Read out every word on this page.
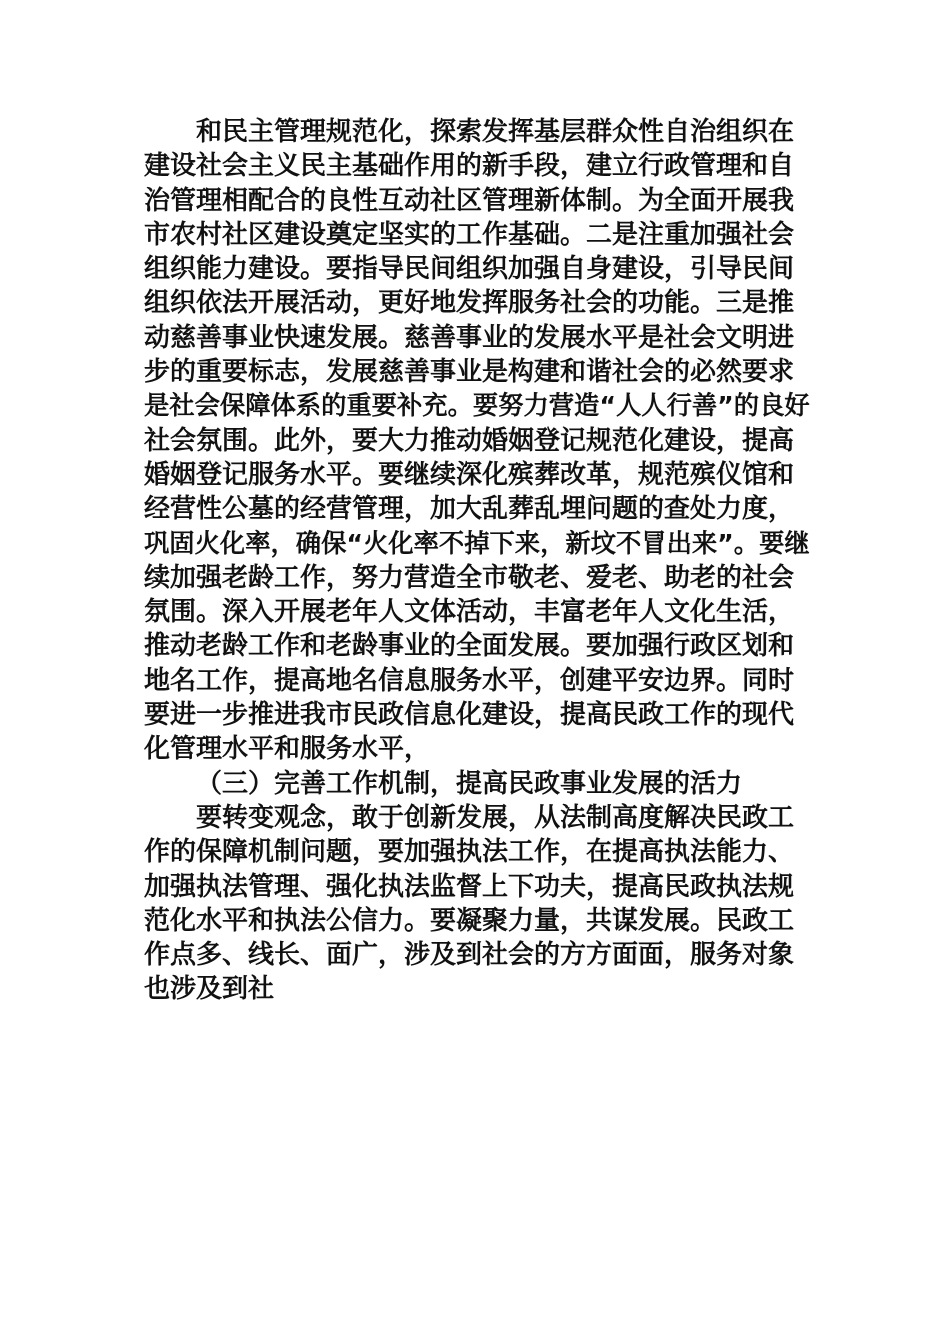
和民主管理规范化，探索发挥基层群众性自治组织在
建设社会主义民主基础作用的新手段，建立行政管理和自
治管理相配合的良性互动社区管理新体制。为全面开展我
市农村社区建设奠定坚实的工作基础。二是注重加强社会
组织能力建设。要指导民间组织加强自身建设，引导民间
组织依法开展活动，更好地发挥服务社会的功能。三是推
动慈善事业快速发展。慈善事业的发展水平是社会文明进
步的重要标志，发展慈善事业是构建和谐社会的必然要求
是社会保障体系的重要补充。要努力营造“人人行善”的良好
社会氛围。此外，要大力推动婚姻登记规范化建设，提高
婚姻登记服务水平。要继续深化殡葬改革，规范殡仪馆和
经营性公墓的经营管理，加大乱葬乱埋问题的查处力度，
巩固火化率，确保“火化率不掉下来，新坟不冒出来”。要继
续加强老龄工作，努力营造全市敬老、爱老、助老的社会
氛围。深入开展老年人文体活动，丰富老年人文化生活，
推动老龄工作和老龄事业的全面发展。要加强行政区划和
地名工作，提高地名信息服务水平，创建平安边界。同时
要进一步推进我市民政信息化建设，提高民政工作的现代
化管理水平和服务水平，
（三）完善工作机制，提高民政事业发展的活力
要转变观念，敢于创新发展，从法制高度解决民政工
作的保障机制问题，要加强执法工作，在提高执法能力、
加强执法管理、强化执法监督上下功夫，提高民政执法规
范化水平和执法公信力。要凝聚力量，共谋发展。民政工
作点多、线长、面广，涉及到社会的方方面面，服务对象
也涉及到社
